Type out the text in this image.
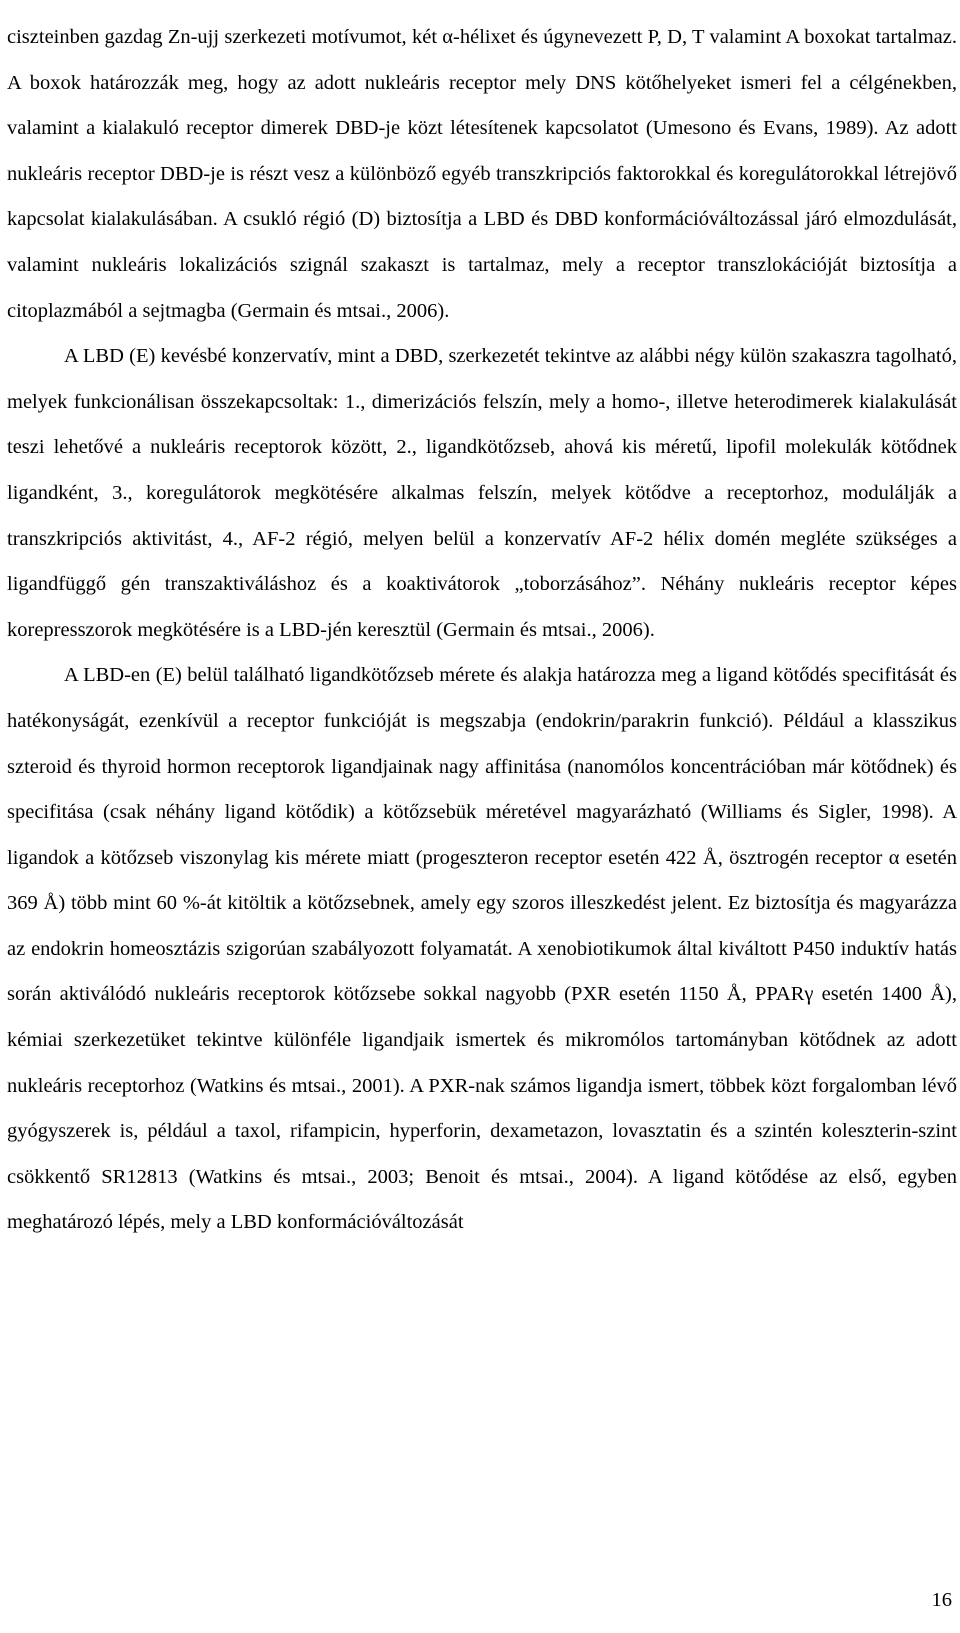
ciszteinben gazdag Zn-ujj szerkezeti motívumot, két α-hélixet és úgynevezett P, D, T valamint A boxokat tartalmaz. A boxok határozzák meg, hogy az adott nukleáris receptor mely DNS kötőhelyeket ismeri fel a célgénekben, valamint a kialakuló receptor dimerek DBD-je közt létesítenek kapcsolatot (Umesono és Evans, 1989). Az adott nukleáris receptor DBD-je is részt vesz a különböző egyéb transzkripciós faktorokkal és koregulátorokkal létrejövő kapcsolat kialakulásában. A csukló régió (D) biztosítja a LBD és DBD konformációváltozással járó elmozdulását, valamint nukleáris lokalizációs szignál szakaszt is tartalmaz, mely a receptor transzlokációját biztosítja a citoplazmából a sejtmagba (Germain és mtsai., 2006).

A LBD (E) kevésbé konzervatív, mint a DBD, szerkezetét tekintve az alábbi négy külön szakaszra tagolható, melyek funkcionálisan összekapcsoltak: 1., dimerizációs felszín, mely a homo-, illetve heterodimerek kialakulását teszi lehetővé a nukleáris receptorok között, 2., ligandkötőzseb, ahová kis méretű, lipofil molekulák kötődnek ligandként, 3., koregulátorok megkötésére alkalmas felszín, melyek kötődve a receptorhoz, modulálják a transzkripciós aktivitást, 4., AF-2 régió, melyen belül a konzervatív AF-2 hélix domén megléte szükséges a ligandfüggő gén transzaktiváláshoz és a koaktivátorok „toborzásához”. Néhány nukleáris receptor képes korepresszorok megkötésére is a LBD-jén keresztül (Germain és mtsai., 2006).

A LBD-en (E) belül található ligandkötőzseb mérete és alakja határozza meg a ligand kötődés specifitását és hatékonyságát, ezenkívül a receptor funkcióját is megszabja (endokrin/parakrin funkció). Például a klasszikus szteroid és thyroid hormon receptorok ligandjainak nagy affinitása (nanomólos koncentrációban már kötődnek) és specifitása (csak néhány ligand kötődik) a kötőzsebük méretével magyarázható (Williams és Sigler, 1998). A ligandok a kötőzseb viszonylag kis mérete miatt (progeszteron receptor esetén 422 Å, ösztrogén receptor α esetén 369 Å) több mint 60 %-át kitöltik a kötőzsebnek, amely egy szoros illeszkedést jelent. Ez biztosítja és magyarázza az endokrin homeosztázis szigorúan szabályozott folyamatát. A xenobiotikumok által kiváltott P450 induktív hatás során aktiválódó nukleáris receptorok kötőzsebe sokkal nagyobb (PXR esetén 1150 Å, PPARγ esetén 1400 Å), kémiai szerkezetüket tekintve különféle ligandjaik ismertek és mikromólos tartományban kötődnek az adott nukleáris receptorhoz (Watkins és mtsai., 2001). A PXR-nak számos ligandja ismert, többek közt forgalomban lévő gyógyszerek is, például a taxol, rifampicin, hyperforin, dexametazon, lovasztatin és a szintén koleszterin-szint csökkentő SR12813 (Watkins és mtsai., 2003; Benoit és mtsai., 2004). A ligand kötődése az első, egyben meghatározó lépés, mely a LBD konformációváltozását

16
